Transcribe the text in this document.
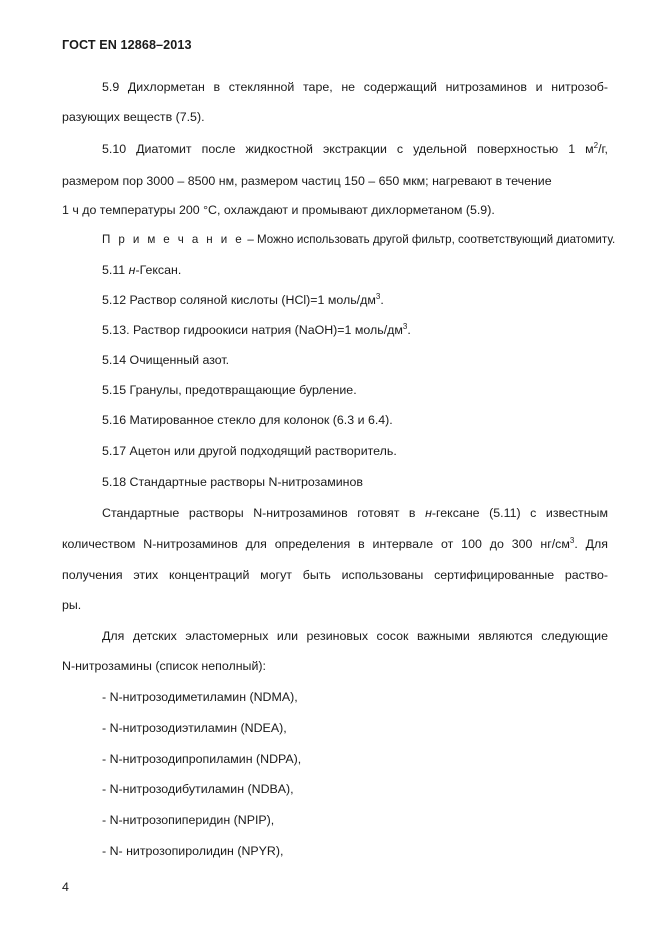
ГОСТ EN 12868–2013
5.9 Дихлорметан в стеклянной таре, не содержащий нитрозаминов и нитрозоб-
разующих веществ (7.5).
5.10 Диатомит после жидкостной экстракции с удельной поверхностью 1 $м^2/г$,
размером пор 3000 – 8500 нм, размером частиц 150 – 650 мкм; нагревают в течение
1 ч до температуры 200 °С, охлаждают и промывают дихлорметаном (5.9).
П р и м е ч а н и е – Можно использовать другой фильтр, соответствующий диатомиту.
5.11 н-Гексан.
5.12 Раствор соляной кислоты (HCl)=1 моль/$дм^3$.
5.13. Раствор гидроокиси натрия (NaOH)=1 моль/$дм^3$.
5.14 Очищенный азот.
5.15 Гранулы, предотвращающие бурление.
5.16 Матированное стекло для колонок (6.3 и 6.4).
5.17 Ацетон или другой подходящий растворитель.
5.18 Стандартные растворы N-нитрозаминов
Стандартные растворы N-нитрозаминов готовят в н-гексане (5.11) с известным
количеством N-нитрозаминов для определения в интервале от 100 до 300 $нг/см^3$. Для
получения этих концентраций могут быть использованы сертифицированные раство-
ры.
Для детских эластомерных или резиновых сосок важными являются следующие
N-нитрозамины (список неполный):
- N-нитрозодиметиламин (NDMA),
- N-нитрозодиэтиламин (NDEA),
- N-нитрозодипропиламин (NDPA),
- N-нитрозодибутиламин (NDBA),
- N-нитрозопиперидин (NPIP),
- N- нитрозопиролидин (NPYR),
4
